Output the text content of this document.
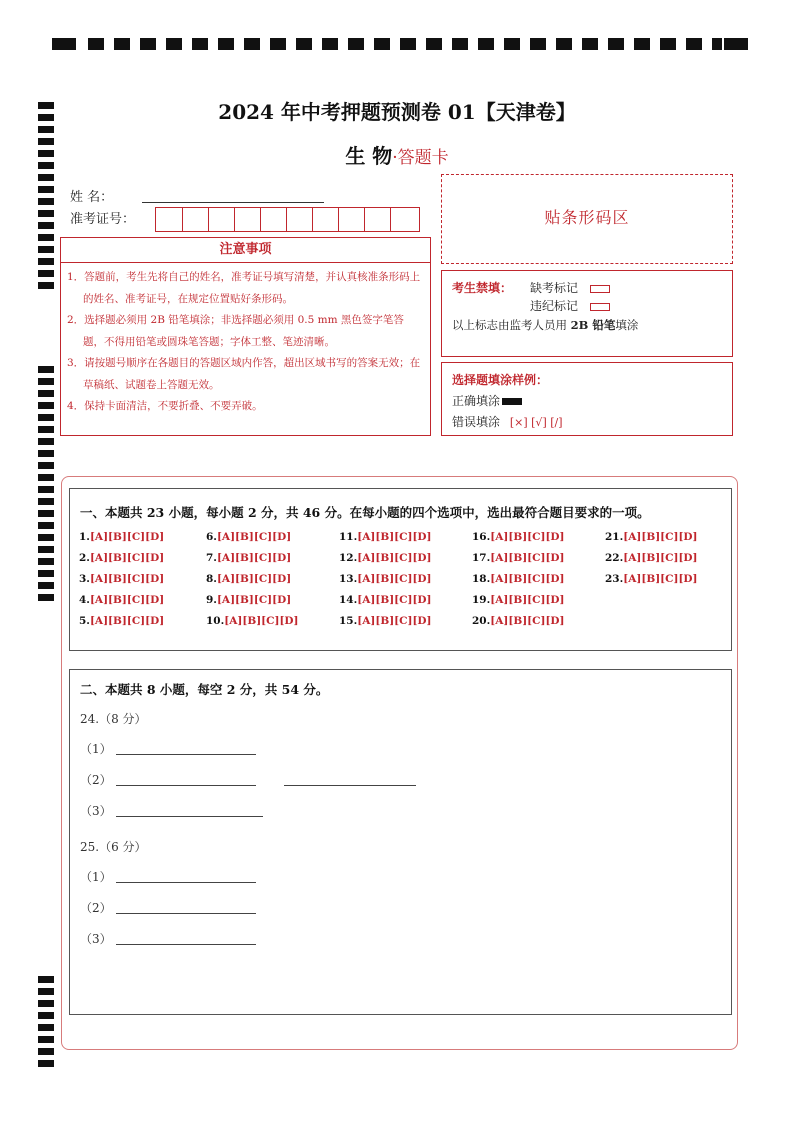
2024 年中考押题预测卷 01【天津卷】
生 物·答题卡
姓 名：
准考证号：	贴条形码区
注意事项
1．答题前，考生先将自己的姓名，准考证号填写清楚，并认真核准条形码上的姓名、准考证号，在规定位置贴好条形码。
2．选择题必须用 2B 铅笔填涂；非选择题必须用 0.5 mm 黑色签字笔答题，不得用铅笔或圆珠笔答题；字体工整、笔迹清晰。
3．请按题号顺序在各题目的答题区域内作答，超出区域书写的答案无效；在草稿纸、试题卷上答题无效。
4．保持卡面清洁，不要折叠、不要弄破。
考生禁填： 缺考标记
违纪标记
以上标志由监考人员用 2B 铅笔填涂
选择题填涂样例：
正确填涂
错误填涂 [×] [√] [/]
一、本题共 23 小题，每小题 2 分，共 46 分。在每小题的四个选项中，选出最符合题目要求的一项。
1.[A][B][C][D]
2.[A][B][C][D]
3.[A][B][C][D]
4.[A][B][C][D]
5.[A][B][C][D]
6.[A][B][C][D]
7.[A][B][C][D]
8.[A][B][C][D]
9.[A][B][C][D]
10.[A][B][C][D]
11.[A][B][C][D]
12.[A][B][C][D]
13.[A][B][C][D]
14.[A][B][C][D]
15.[A][B][C][D]
16.[A][B][C][D]
17.[A][B][C][D]
18.[A][B][C][D]
19.[A][B][C][D]
20.[A][B][C][D]
21.[A][B][C][D]
22.[A][B][C][D]
23.[A][B][C][D]
二、本题共 8 小题，每空 2 分，共 54 分。
24.（8 分）
（1）
（2）
（3）
25.（6 分）
（1）
（2）
（3）
